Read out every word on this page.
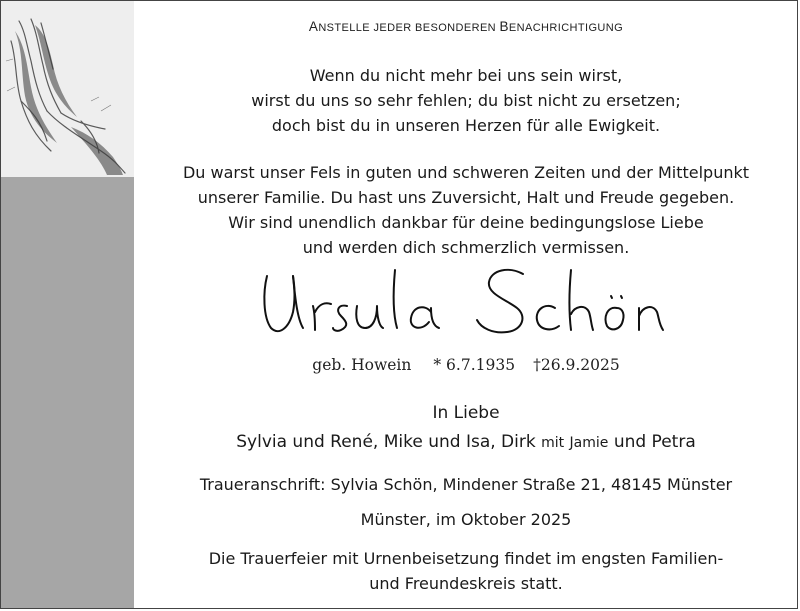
ANSTELLE JEDER BESONDEREN BENACHRICHTIGUNG
Wenn du nicht mehr bei uns sein wirst,
wirst du uns so sehr fehlen; du bist nicht zu ersetzen;
doch bist du in unseren Herzen für alle Ewigkeit.
Du warst unser Fels in guten und schweren Zeiten und der Mittelpunkt
unserer Familie. Du hast uns Zuversicht, Halt und Freude gegeben.
Wir sind unendlich dankbar für deine bedingungslose Liebe
und werden dich schmerzlich vermissen.
geb. Howein * 6.7.1935 †26.9.2025
In Liebe
Sylvia und René, Mike und Isa, Dirk mit Jamie und Petra
Traueranschrift: Sylvia Schön, Mindener Straße 21, 48145 Münster
Münster, im Oktober 2025
Die Trauerfeier mit Urnenbeisetzung findet im engsten Familien-
und Freundeskreis statt.
